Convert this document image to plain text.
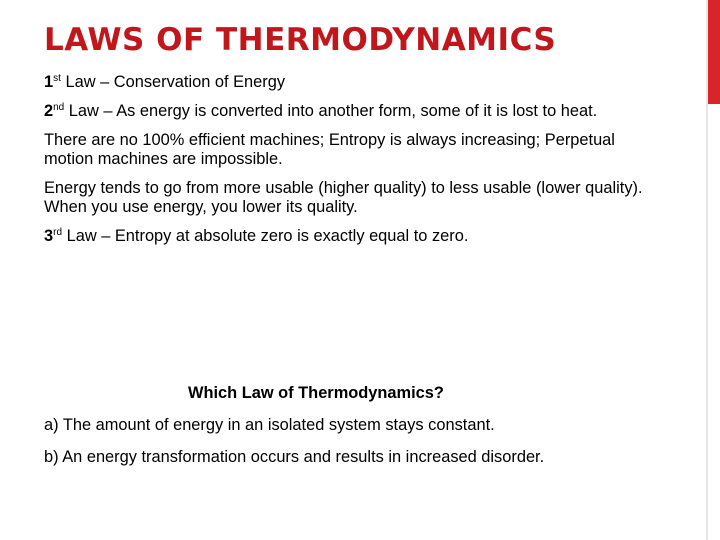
LAWS OF THERMODYNAMICS

1st Law – Conservation of Energy

2nd Law – As energy is converted into another form, some of it is lost to heat.

There are no 100% efficient machines; Entropy is always increasing; Perpetual motion machines are impossible.

Energy tends to go from more usable (higher quality) to less usable (lower quality). When you use energy, you lower its quality.

3rd Law – Entropy at absolute zero is exactly equal to zero.

Which Law of Thermodynamics?
a) The amount of energy in an isolated system stays constant.
b) An energy transformation occurs and results in increased disorder.
